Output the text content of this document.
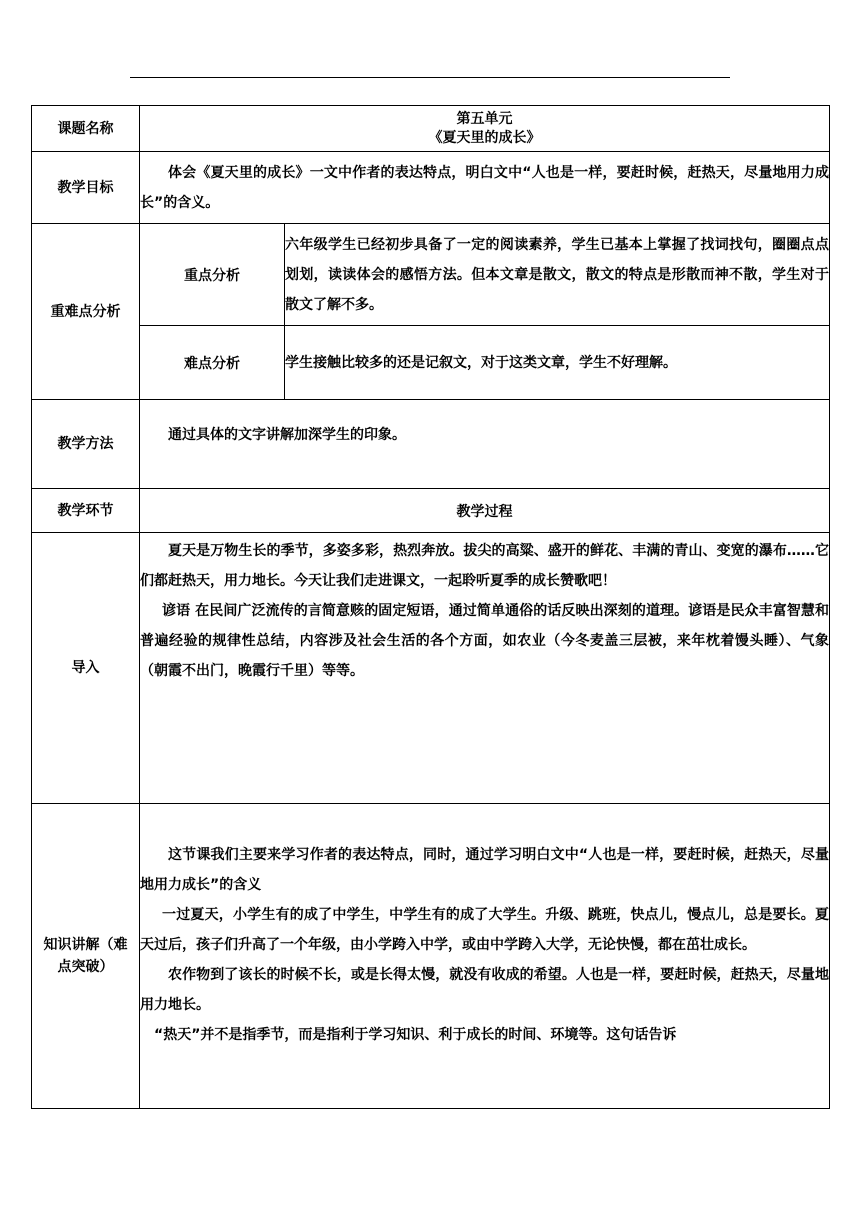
课题名称	第五单元
《夏天里的成长》	

教学目标	体会《夏天里的成长》一文中作者的表达特点，明白文中“人也是一样，要赶时候，赶热天，尽量地用力成长”的含义。	

重难点分析	重点分析	六年级学生已经初步具备了一定的阅读素养，学生已基本上掌握了找词找句，圈圈点点划划，读读体会的感悟方法。但本文章是散文，散文的特点是形散而神不散，学生对于散文了解不多。

	难点分析	学生接触比较多的还是记叙文，对于这类文章，学生不好理解。

教学方法	通过具体的文字讲解加深学生的印象。	

教学环节	教学过程	
导入	夏天是万物生长的季节，多姿多彩，热烈奔放。拔尖的高粱、盛开的鲜花、丰满的青山、变宽的瀑布……它们都赶热天，用力地长。今天让我们走进课文，一起聆听夏季的成长赞歌吧！

谚语 在民间广泛流传的言简意赅的固定短语，通过简单通俗的话反映出深刻的道理。谚语是民众丰富智慧和普遍经验的规律性总结，内容涉及社会生活的各个方面，如农业（今冬麦盖三层被，来年枕着馒头睡）、气象（朝霞不出门，晚霞行千里）等等。	

知识讲解（难点突破）	这节课我们主要来学习作者的表达特点，同时，通过学习明白文中“人也是一样，要赶时候，赶热天，尽量地用力成长”的含义

一过夏天，小学生有的成了中学生，中学生有的成了大学生。升级、跳班，快点儿，慢点儿，总是要长。夏天过后，孩子们升高了一个年级，由小学跨入中学，或由中学跨入大学，无论快慢，都在茁壮成长。

农作物到了该长的时候不长，或是长得太慢，就没有收成的希望。人也是一样，要赶时候，赶热天，尽量地用力地长。

“热天”并不是指季节，而是指利于学习知识、利于成长的时间、环境等。这句话告诉	
